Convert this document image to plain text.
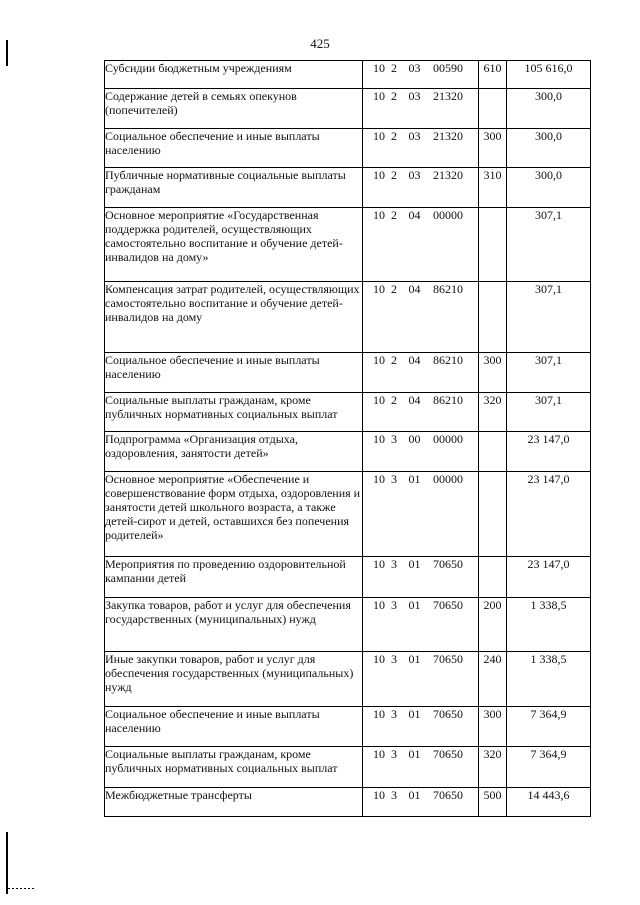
425
Субсидии бюджетным учреждениям	10 2 03 00590	610	105 616,0
Содержание детей в семьях опекунов (попечителей)	10 2 03 21320		300,0
Социальное обеспечение и иные выплаты населению	10 2 03 21320	300	300,0
Публичные нормативные социальные выплаты гражданам	10 2 03 21320	310	300,0
Основное мероприятие «Государственная поддержка родителей, осуществляющих самостоятельно воспитание и обучение детей-инвалидов на дому»	10 2 04 00000		307,1
Компенсация затрат родителей, осуществляющих самостоятельно воспитание и обучение детей-инвалидов на дому	10 2 04 86210		307,1
Социальное обеспечение и иные выплаты населению	10 2 04 86210	300	307,1
Социальные выплаты гражданам, кроме публичных нормативных социальных выплат	10 2 04 86210	320	307,1
Подпрограмма «Организация отдыха, оздоровления, занятости детей»	10 3 00 00000		23 147,0
Основное мероприятие «Обеспечение и совершенствование форм отдыха, оздоровления и занятости детей школьного возраста, а также детей-сирот и детей, оставшихся без попечения родителей»	10 3 01 00000		23 147,0
Мероприятия по проведению оздоровительной кампании детей	10 3 01 70650		23 147,0
Закупка товаров, работ и услуг для обеспечения государственных (муниципальных) нужд	10 3 01 70650	200	1 338,5
Иные закупки товаров, работ и услуг для обеспечения государственных (муниципальных) нужд	10 3 01 70650	240	1 338,5
Социальное обеспечение и иные выплаты населению	10 3 01 70650	300	7 364,9
Социальные выплаты гражданам, кроме публичных нормативных социальных выплат	10 3 01 70650	320	7 364,9
Межбюджетные трансферты	10 3 01 70650	500	14 443,6
